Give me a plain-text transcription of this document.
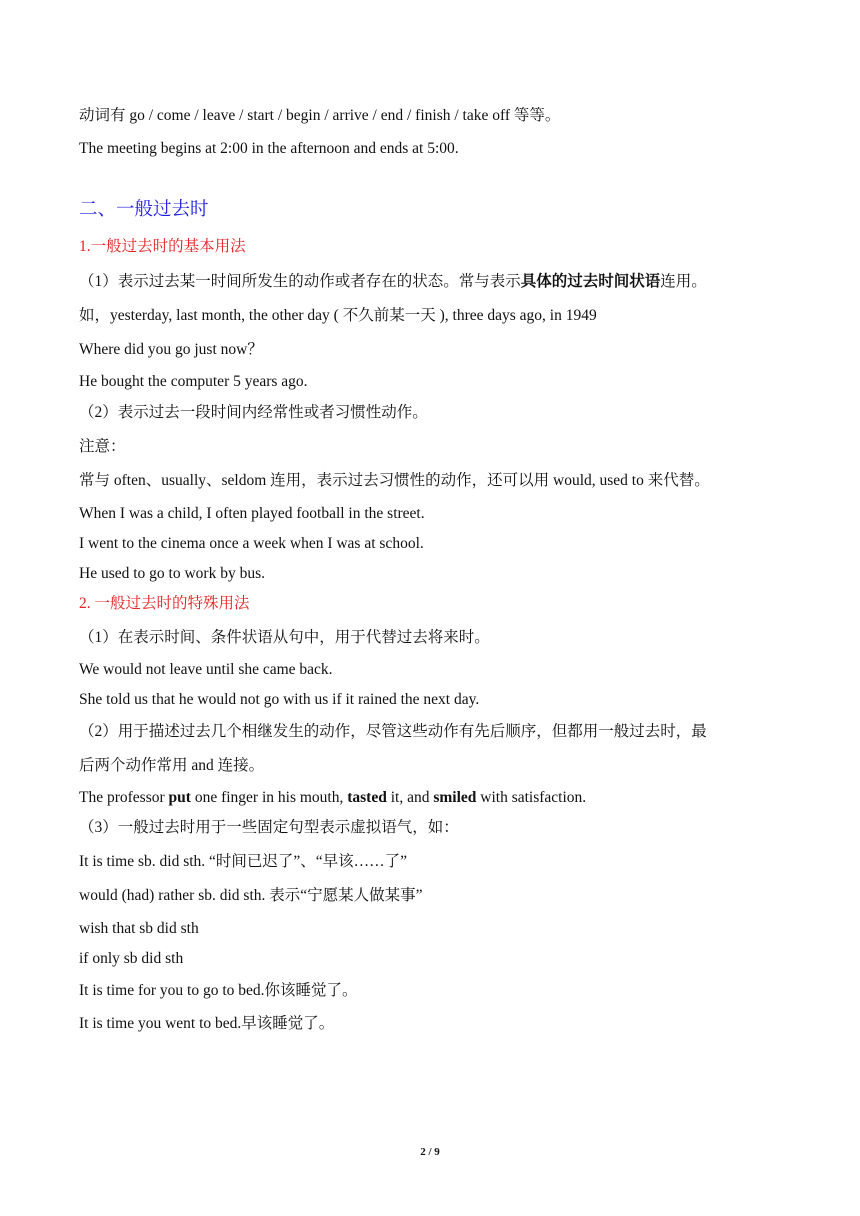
动词有 go / come / leave / start / begin / arrive / end / finish / take off 等等。
The meeting begins at 2:00 in the afternoon and ends at 5:00.
二、一般过去时
1.一般过去时的基本用法
（1）表示过去某一时间所发生的动作或者存在的状态。常与表示具体的过去时间状语连用。
如，yesterday, last month, the other day ( 不久前某一天 ), three days ago, in 1949
Where did you go just now？
He bought the computer 5 years ago.
（2）表示过去一段时间内经常性或者习惯性动作。
注意：
常与 often、usually、seldom 连用，表示过去习惯性的动作，还可以用 would, used to 来代替。
When I was a child, I often played football in the street.
I went to the cinema once a week when I was at school.
He used to go to work by bus.
2. 一般过去时的特殊用法
（1）在表示时间、条件状语从句中，用于代替过去将来时。
We would not leave until she came back.
She told us that he would not go with us if it rained the next day.
（2）用于描述过去几个相继发生的动作，尽管这些动作有先后顺序，但都用一般过去时，最
后两个动作常用 and 连接。
The professor put one finger in his mouth, tasted it, and smiled with satisfaction.
（3）一般过去时用于一些固定句型表示虚拟语气，如：
It is time sb. did sth. “时间已迟了”、“早该……了”
would (had) rather sb. did sth. 表示“宁愿某人做某事”
wish that sb did sth
if only sb did sth
It is time for you to go to bed.你该睡觉了。
It is time you went to bed.早该睡觉了。
2 / 9
